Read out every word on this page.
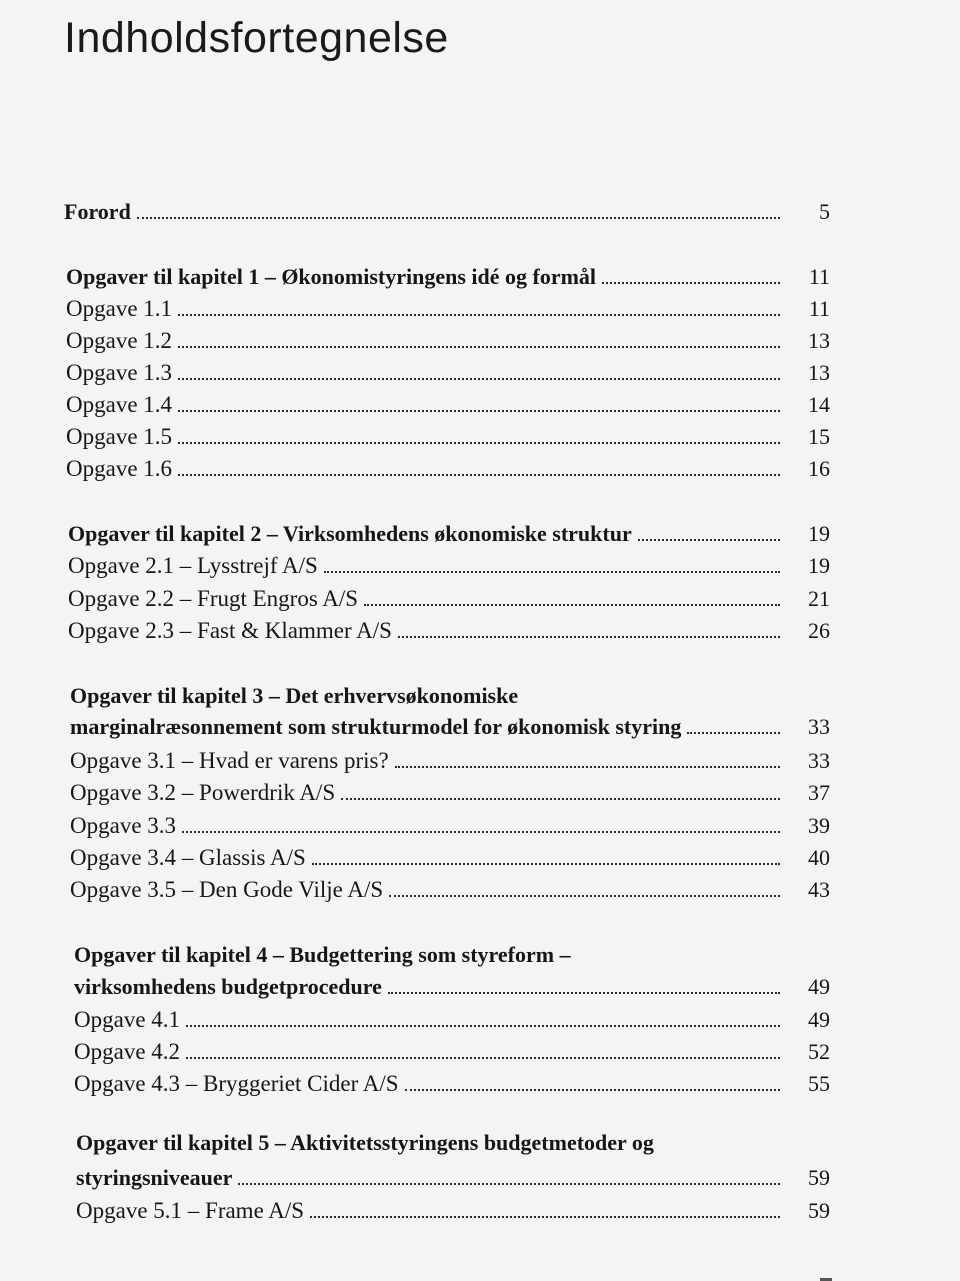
Indholdsfortegnelse
Forord	5
Opgaver til kapitel 1 – Økonomistyringens idé og formål	11
Opgave 1.1	11
Opgave 1.2	13
Opgave 1.3	13
Opgave 1.4	14
Opgave 1.5	15
Opgave 1.6	16
Opgaver til kapitel 2 – Virksomhedens økonomiske struktur	19
Opgave 2.1 – Lysstrejf A/S	19
Opgave 2.2 – Frugt Engros A/S	21
Opgave 2.3 – Fast & Klammer A/S	26
Opgaver til kapitel 3 – Det erhvervsøkonomiske
marginalræsonnement som strukturmodel for økonomisk styring	33
Opgave 3.1 – Hvad er varens pris?	33
Opgave 3.2 – Powerdrik A/S	37
Opgave 3.3	39
Opgave 3.4 – Glassis A/S	40
Opgave 3.5 – Den Gode Vilje A/S	43
Opgaver til kapitel 4 – Budgettering som styreform –
virksomhedens budgetprocedure	49
Opgave 4.1	49
Opgave 4.2	52
Opgave 4.3 – Bryggeriet Cider A/S	55
Opgaver til kapitel 5 – Aktivitetsstyringens budgetmetoder og
styringsniveauer	59
Opgave 5.1 – Frame A/S	59
